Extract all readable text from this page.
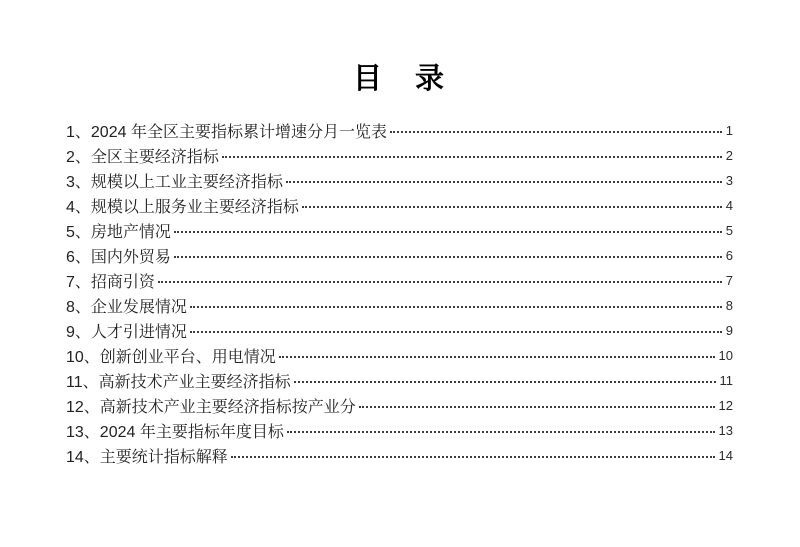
目　录
1、2024 年全区主要指标累计增速分月一览表	1
2、全区主要经济指标	2
3、规模以上工业主要经济指标	3
4、规模以上服务业主要经济指标	4
5、房地产情况	5
6、国内外贸易	6
7、招商引资	7
8、企业发展情况	8
9、人才引进情况	9
10、创新创业平台、用电情况	10
11、高新技术产业主要经济指标	11
12、高新技术产业主要经济指标按产业分	12
13、2024 年主要指标年度目标	13
14、主要统计指标解释	14
